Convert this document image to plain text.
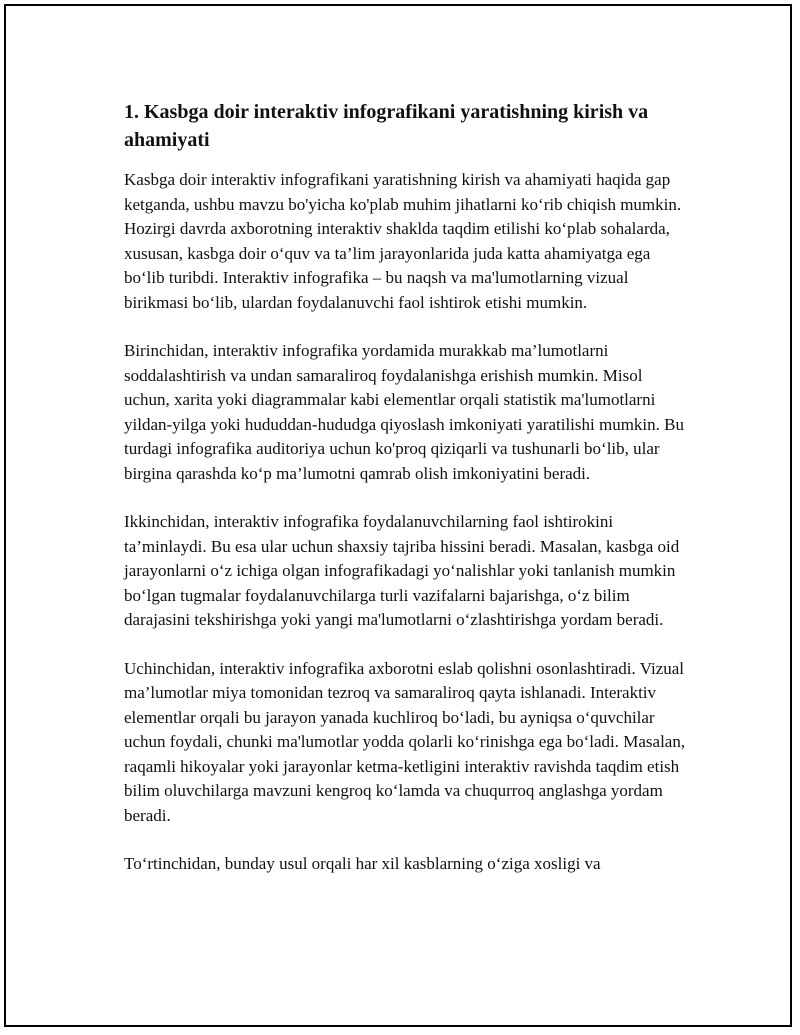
1. Kasbga doir interaktiv infografikani yaratishning kirish va ahamiyati

Kasbga doir interaktiv infografikani yaratishning kirish va ahamiyati haqida gap ketganda, ushbu mavzu bo'yicha ko'plab muhim jihatlarni ko‘rib chiqish mumkin. Hozirgi davrda axborotning interaktiv shaklda taqdim etilishi ko‘plab sohalarda, xususan, kasbga doir o‘quv va ta’lim jarayonlarida juda katta ahamiyatga ega bo‘lib turibdi. Interaktiv infografika – bu naqsh va ma'lumotlarning vizual birikmasi bo‘lib, ulardan foydalanuvchi faol ishtirok etishi mumkin.

Birinchidan, interaktiv infografika yordamida murakkab ma’lumotlarni soddalashtirish va undan samaraliroq foydalanishga erishish mumkin. Misol uchun, xarita yoki diagrammalar kabi elementlar orqali statistik ma'lumotlarni yildan-yilga yoki hududdan-hududga qiyoslash imkoniyati yaratilishi mumkin. Bu turdagi infografika auditoriya uchun ko'proq qiziqarli va tushunarli bo‘lib, ular birgina qarashda ko‘p ma’lumotni qamrab olish imkoniyatini beradi.

Ikkinchidan, interaktiv infografika foydalanuvchilarning faol ishtirokini ta’minlaydi. Bu esa ular uchun shaxsiy tajriba hissini beradi. Masalan, kasbga oid jarayonlarni o‘z ichiga olgan infografikadagi yo‘nalishlar yoki tanlanish mumkin bo‘lgan tugmalar foydalanuvchilarga turli vazifalarni bajarishga, o‘z bilim darajasini tekshirishga yoki yangi ma'lumotlarni o‘zlashtirishga yordam beradi.

Uchinchidan, interaktiv infografika axborotni eslab qolishni osonlashtiradi. Vizual ma’lumotlar miya tomonidan tezroq va samaraliroq qayta ishlanadi. Interaktiv elementlar orqali bu jarayon yanada kuchliroq bo‘ladi, bu ayniqsa o‘quvchilar uchun foydali, chunki ma'lumotlar yodda qolarli ko‘rinishga ega bo‘ladi. Masalan, raqamli hikoyalar yoki jarayonlar ketma-ketligini interaktiv ravishda taqdim etish bilim oluvchilarga mavzuni kengroq ko‘lamda va chuqurroq anglashga yordam beradi.

To‘rtinchidan, bunday usul orqali har xil kasblarning o‘ziga xosligi va
